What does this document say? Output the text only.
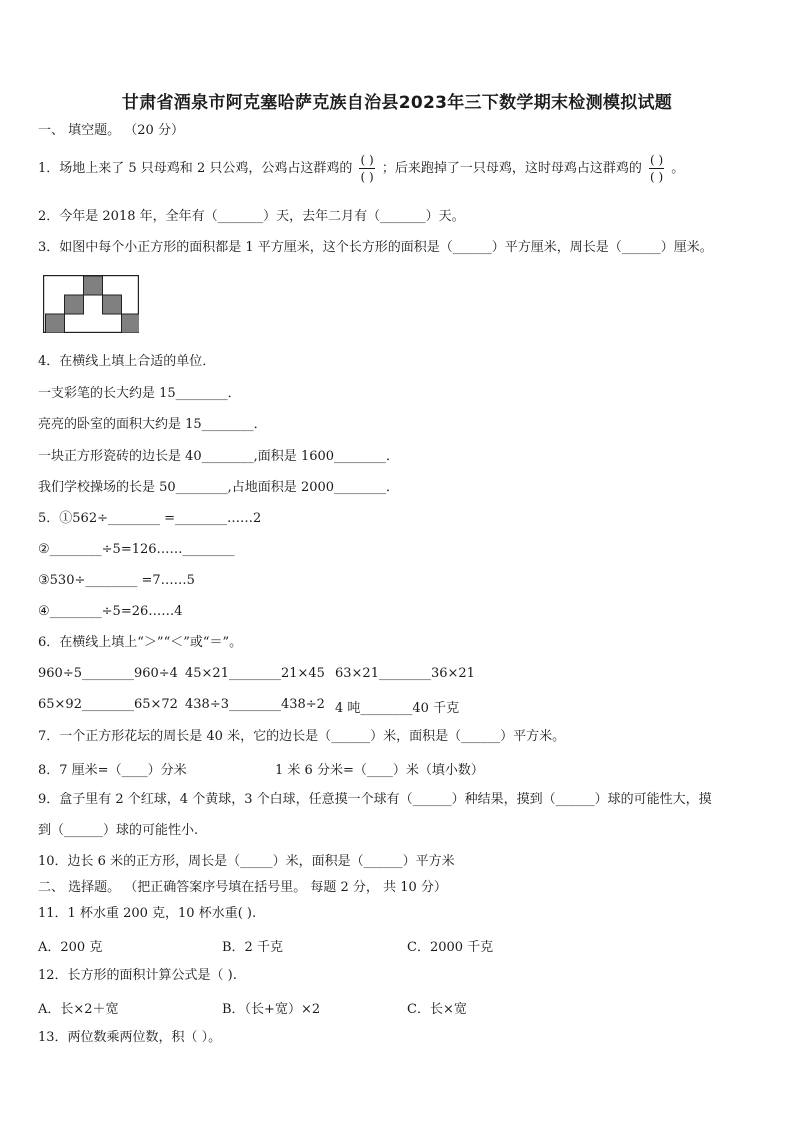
甘肃省酒泉市阿克塞哈萨克族自治县2023年三下数学期末检测模拟试题
一、 填空题。 （20 分）
1．场地上来了 5 只母鸡和 2 只公鸡，公鸡占这群鸡的 $\frac{( )}{( )}$ ；后来跑掉了一只母鸡，这时母鸡占这群鸡的 $\frac{( )}{( )}$ 。
2．今年是 2018 年，全年有（_______）天，去年二月有（_______）天。
3．如图中每个小正方形的面积都是 1 平方厘米，这个长方形的面积是（______）平方厘米，周长是（______）厘米。
4．在横线上填上合适的单位．
一支彩笔的长大约是 15________．
亮亮的卧室的面积大约是 15________．
一块正方形瓷砖的边长是 40________,面积是 1600________．
我们学校操场的长是 50________,占地面积是 2000________．
5．①562÷________ =________……2
②________÷5=126……________
③530÷________ =7……5
④________÷5=26……4
6．在横线上填上“＞”“＜”或“＝”。
960÷5________960÷4 45×21________21×45 63×21________36×21
65×92________65×72 438÷3________438÷2 4 吨________40 千克
7．一个正方形花坛的周长是 40 米，它的边长是（______）米，面积是（______）平方米。
8．7 厘米=（____）分米	1 米 6 分米=（____）米（填小数）
9．盒子里有 2 个红球，4 个黄球，3 个白球，任意摸一个球有（______）种结果，摸到（______）球的可能性大，摸
到（______）球的可能性小.
10．边长 6 米的正方形，周长是（_____）米，面积是（______）平方米
二、 选择题。 （把正确答案序号填在括号里。 每题 2 分， 共 10 分）
11．1 杯水重 200 克，10 杯水重( ).
A．200 克	B．2 千克	C．2000 千克
12．长方形的面积计算公式是（ ).
A．长×2＋宽	B．（长+宽）×2	C．长×宽
13．两位数乘两位数，积（ ）。
